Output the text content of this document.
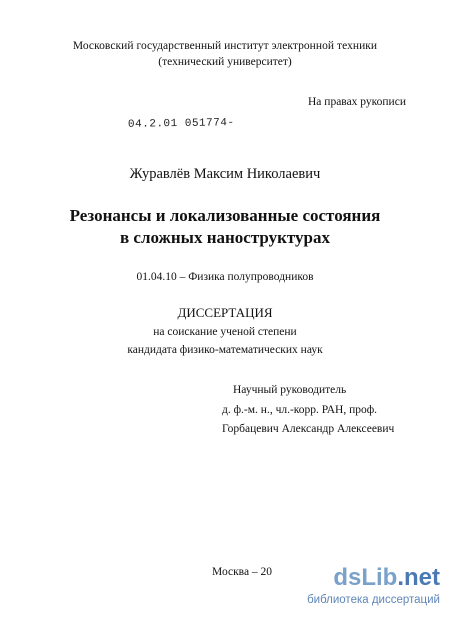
Московский государственный институт электронной техники
(технический университет)
На правах рукописи
04.2.01 051774-
Журавлёв Максим Николаевич
Резонансы и локализованные состояния
в сложных наноструктурах
01.04.10 – Физика полупроводников
ДИССЕРТАЦИЯ
на соискание ученой степени
кандидата физико-математических наук
Научный руководитель
д. ф.-м. н., чл.-корр. РАН, проф.
Горбацевич Александр Алексеевич
Москва – 20	dsLib.net
библиотека диссертаций
